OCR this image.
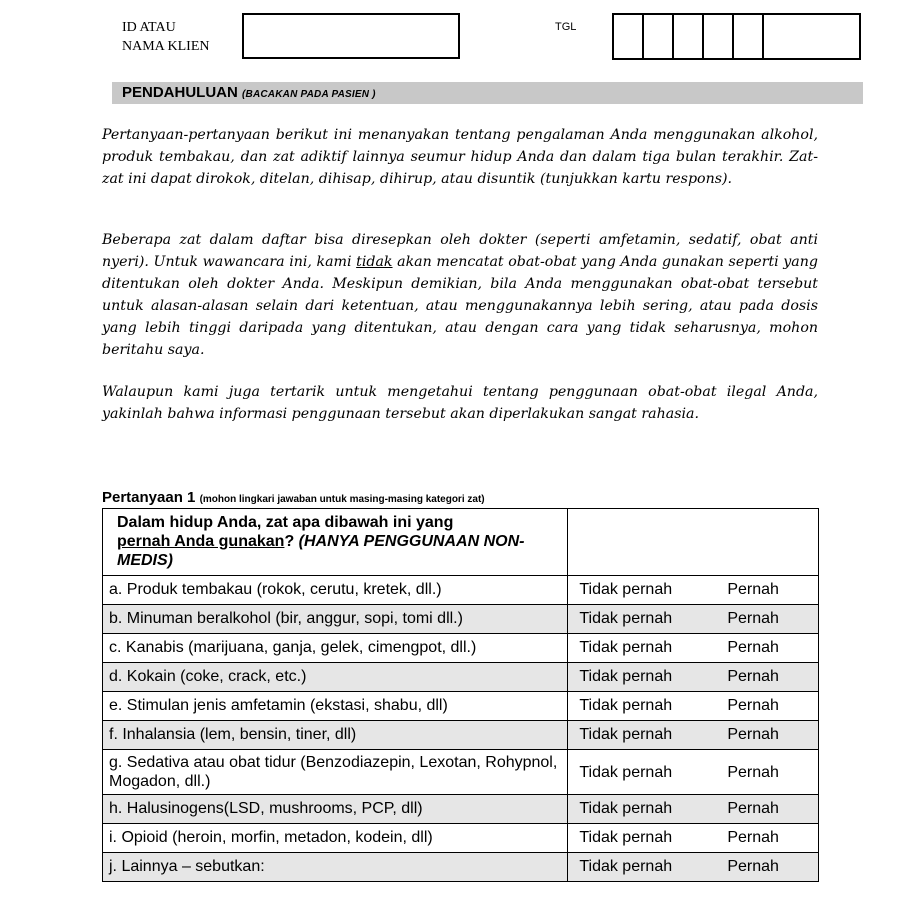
ID ATAU
NAMA KLIEN
TGL
PENDAHULUAN (BACAKAN PADA PASIEN )
Pertanyaan-pertanyaan berikut ini menanyakan tentang pengalaman Anda menggunakan alkohol, produk tembakau, dan zat adiktif lainnya seumur hidup Anda dan dalam tiga bulan terakhir. Zat-zat ini dapat dirokok, ditelan, dihisap, dihirup, atau disuntik (tunjukkan kartu respons).
Beberapa zat dalam daftar bisa diresepkan oleh dokter (seperti amfetamin, sedatif, obat anti nyeri). Untuk wawancara ini, kami tidak akan mencatat obat-obat yang Anda gunakan seperti yang ditentukan oleh dokter Anda. Meskipun demikian, bila Anda menggunakan obat-obat tersebut untuk alasan-alasan selain dari ketentuan, atau menggunakannya lebih sering, atau pada dosis yang lebih tinggi daripada yang ditentukan, atau dengan cara yang tidak seharusnya, mohon beritahu saya.
Walaupun kami juga tertarik untuk mengetahui tentang penggunaan obat-obat ilegal Anda, yakinlah bahwa informasi penggunaan tersebut akan diperlakukan sangat rahasia.
Pertanyaan 1 (mohon lingkari jawaban untuk masing-masing kategori zat)
Dalam hidup Anda, zat apa dibawah ini yang
pernah Anda gunakan? (HANYA PENGGUNAAN NON-MEDIS)	

a. Produk tembakau (rokok, cerutu, kretek, dll.)	Tidak pernah Pernah

b. Minuman beralkohol (bir, anggur, sopi, tomi dll.)	Tidak pernah Pernah

c. Kanabis (marijuana, ganja, gelek, cimengpot, dll.)	Tidak pernah Pernah

d. Kokain (coke, crack, etc.)	Tidak pernah Pernah

e. Stimulan jenis amfetamin (ekstasi, shabu, dll)	Tidak pernah Pernah

f. Inhalansia (lem, bensin, tiner, dll)	Tidak pernah Pernah

g. Sedativa atau obat tidur (Benzodiazepin, Lexotan, Rohypnol, Mogadon, dll.)	Tidak pernah Pernah

h. Halusinogens(LSD, mushrooms, PCP, dll)	Tidak pernah Pernah

i. Opioid (heroin, morfin, metadon, kodein, dll)	Tidak pernah Pernah

j. Lainnya – sebutkan:	Tidak pernah Pernah
